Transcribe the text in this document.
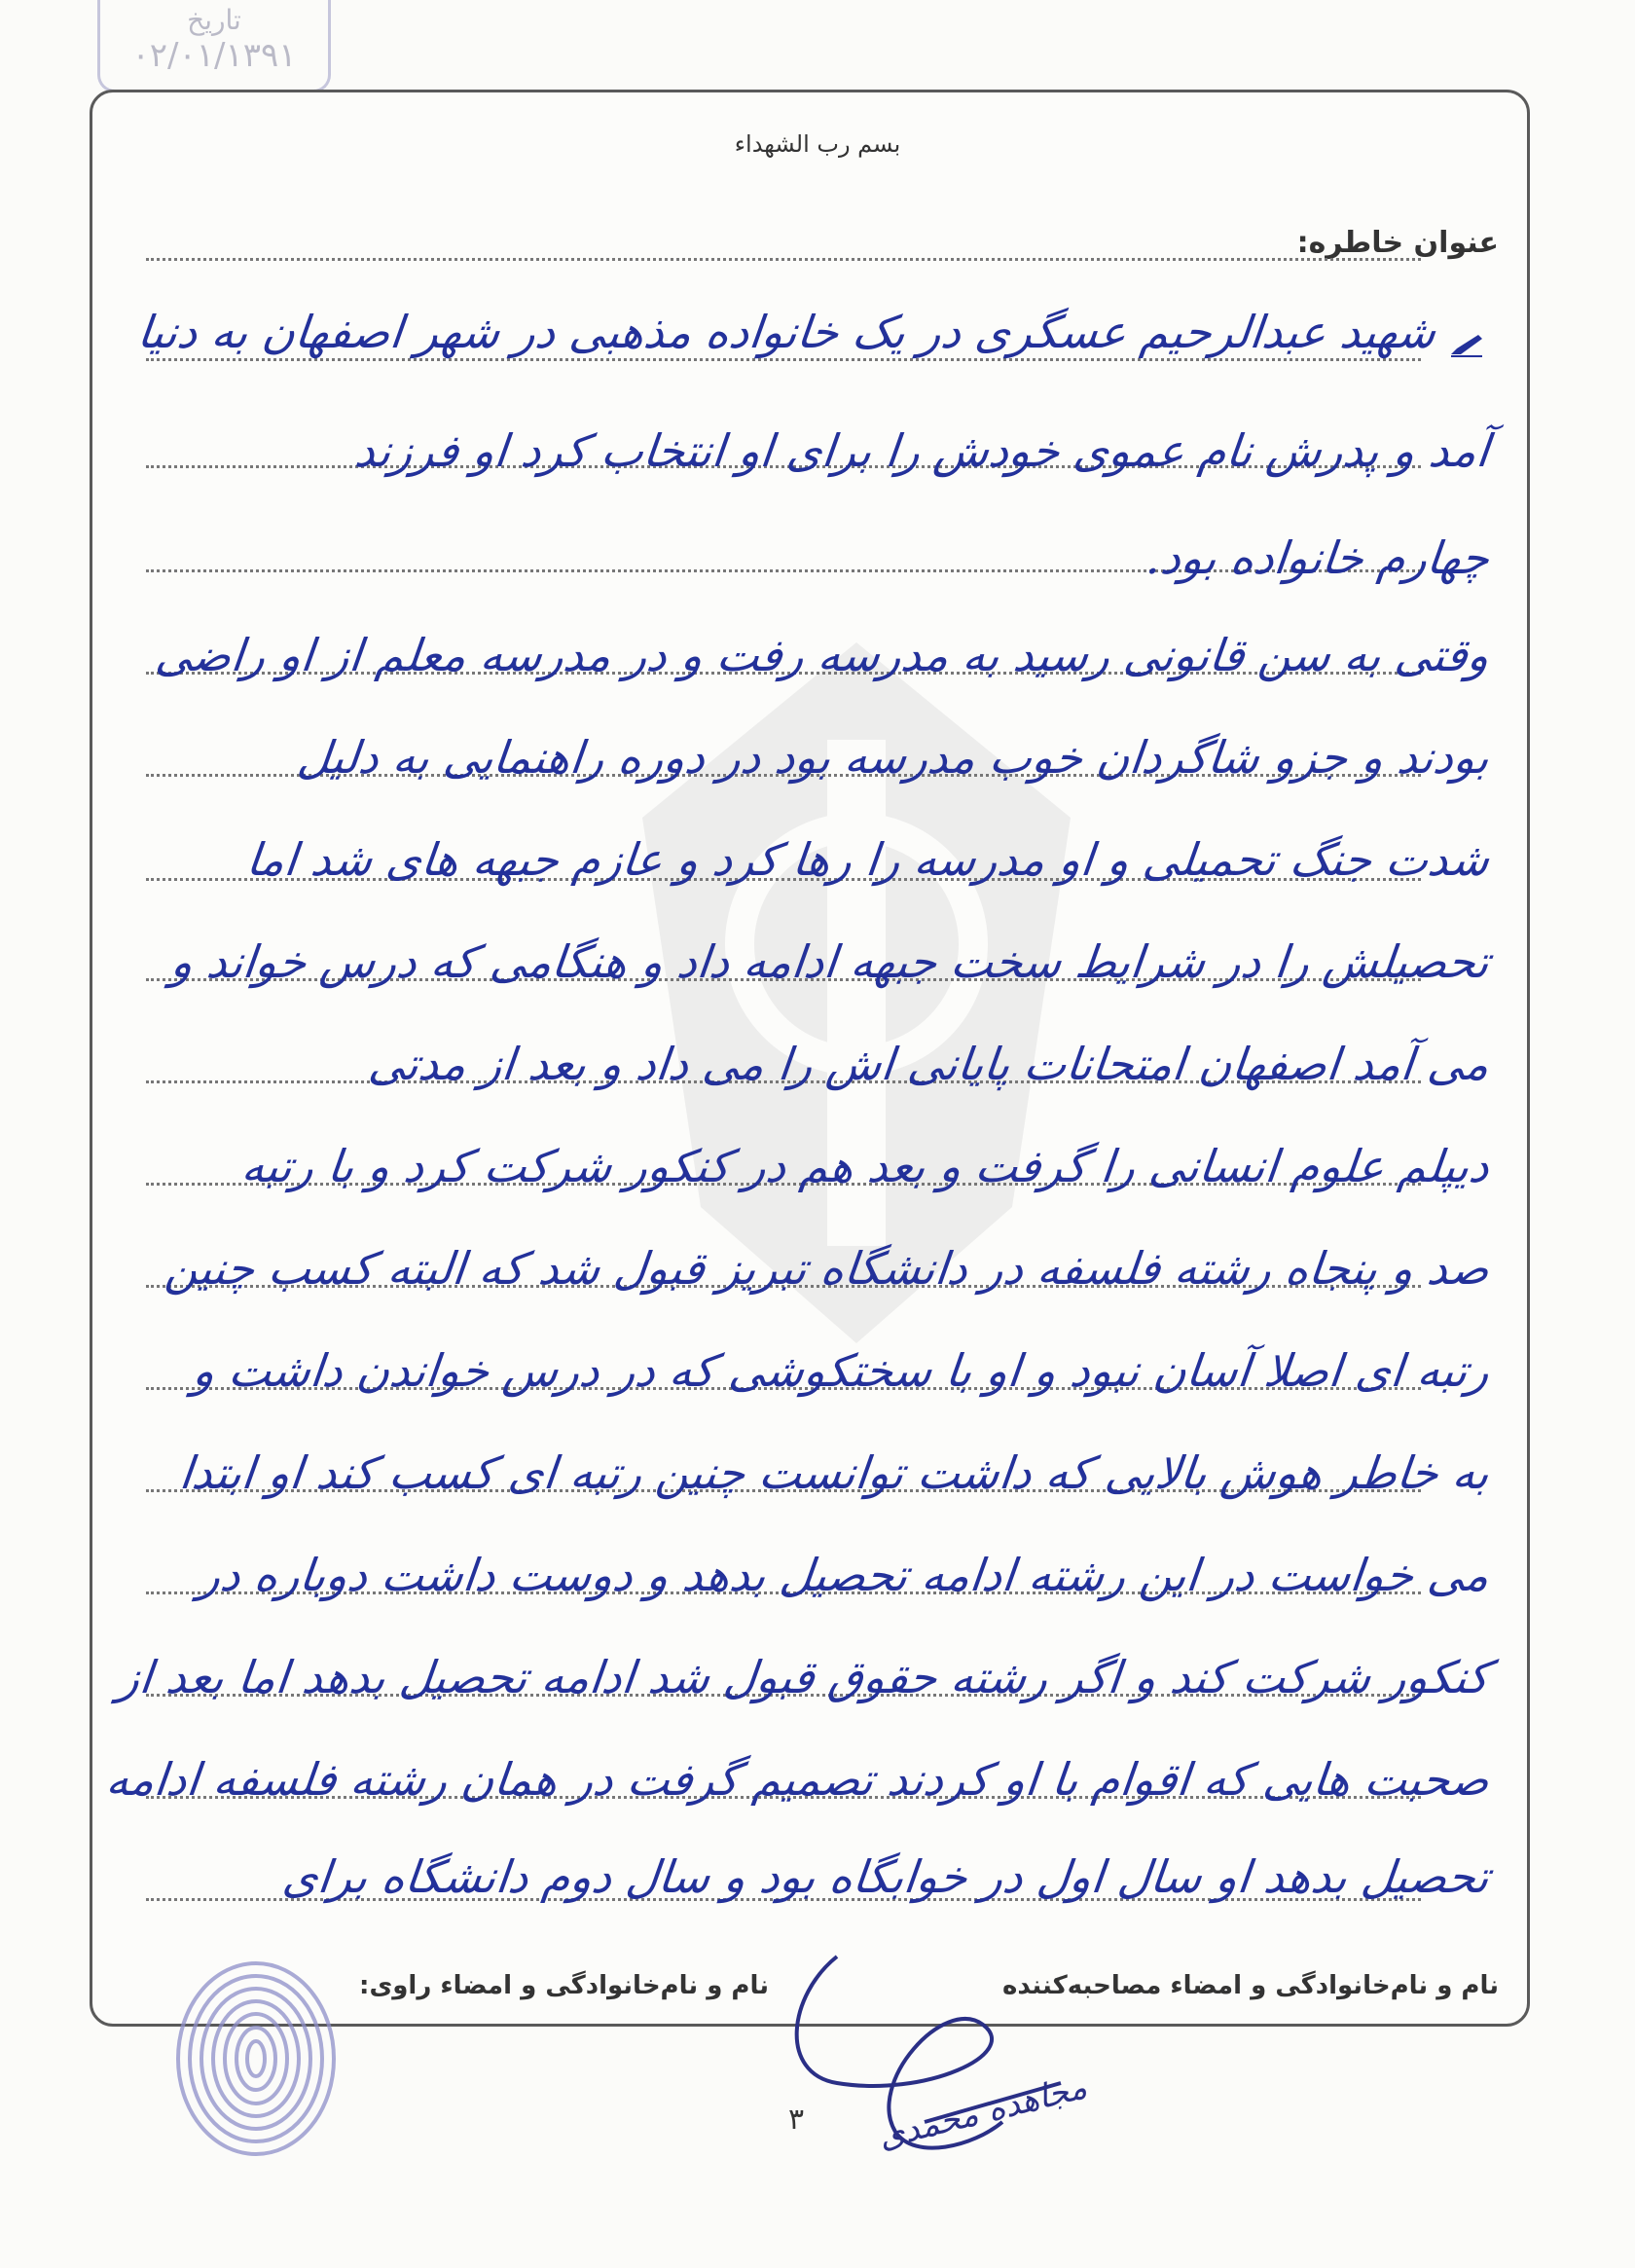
تاریخ
۰۲/۰۱/۱۳۹۱
بسم رب الشهداء
عنوان خاطره:
شهید عبدالرحیم عسگری در یک خانواده مذهبی در شهر اصفهان به دنیا
آمد و پدرش نام عموی خودش را برای او انتخاب کرد او فرزند
چهارم خانواده بود.
وقتی به سن قانونی رسید به مدرسه رفت و در مدرسه معلم از او راضی
بودند و جزو شاگردان خوب مدرسه بود در دوره راهنمایی به دلیل
شدت جنگ تحمیلی و او مدرسه را رها کرد و عازم جبهه های شد اما
تحصیلش را در شرایط سخت جبهه ادامه داد و هنگامی که درس خواند و
می آمد اصفهان امتحانات پایانی اش را می داد و بعد از مدتی
دیپلم علوم انسانی را گرفت و بعد هم در کنکور شرکت کرد و با رتبه
صد و پنجاه رشته فلسفه در دانشگاه تبریز قبول شد که البته کسب چنین
رتبه ای اصلا آسان نبود و او با سختکوشی که در درس خواندن داشت و
به خاطر هوش بالایی که داشت توانست چنین رتبه ای کسب کند او ابتدا
می خواست در این رشته ادامه تحصیل بدهد و دوست داشت دوباره در
کنکور شرکت کند و اگر رشته حقوق قبول شد ادامه تحصیل بدهد اما بعد از
صحبت هایی که اقوام با او کردند تصمیم گرفت در همان رشته فلسفه ادامه
تحصیل بدهد او سال اول در خوابگاه بود و سال دوم دانشگاه برای
نام و نام‌خانوادگی و امضاء مصاحبه‌کننده
نام و نام‌خانوادگی و امضاء راوی:
۳ مجاهده محمدی
